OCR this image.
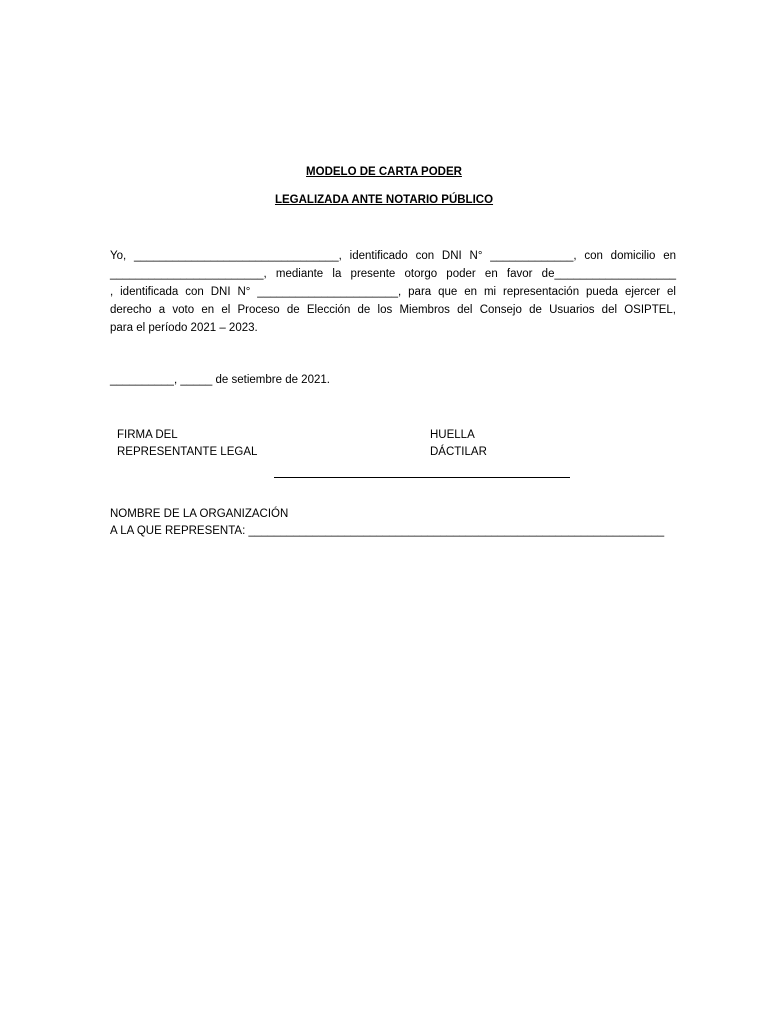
MODELO DE CARTA PODER
LEGALIZADA ANTE NOTARIO PÚBLICO
Yo, ________________________________, identificado con DNI N° _____________, con domicilio en
________________________, mediante la presente otorgo poder en favor de___________________
, identificada con DNI N° ______________________, para que en mi representación pueda ejercer el
derecho a voto en el Proceso de Elección de los Miembros del Consejo de Usuarios del OSIPTEL,
para el período 2021 – 2023.
__________, _____ de setiembre de 2021.
FIRMA DEL
REPRESENTANTE LEGAL
HUELLA
DÁCTILAR
NOMBRE DE LA ORGANIZACIÓN
A LA QUE REPRESENTA: _________________________________________________________________
